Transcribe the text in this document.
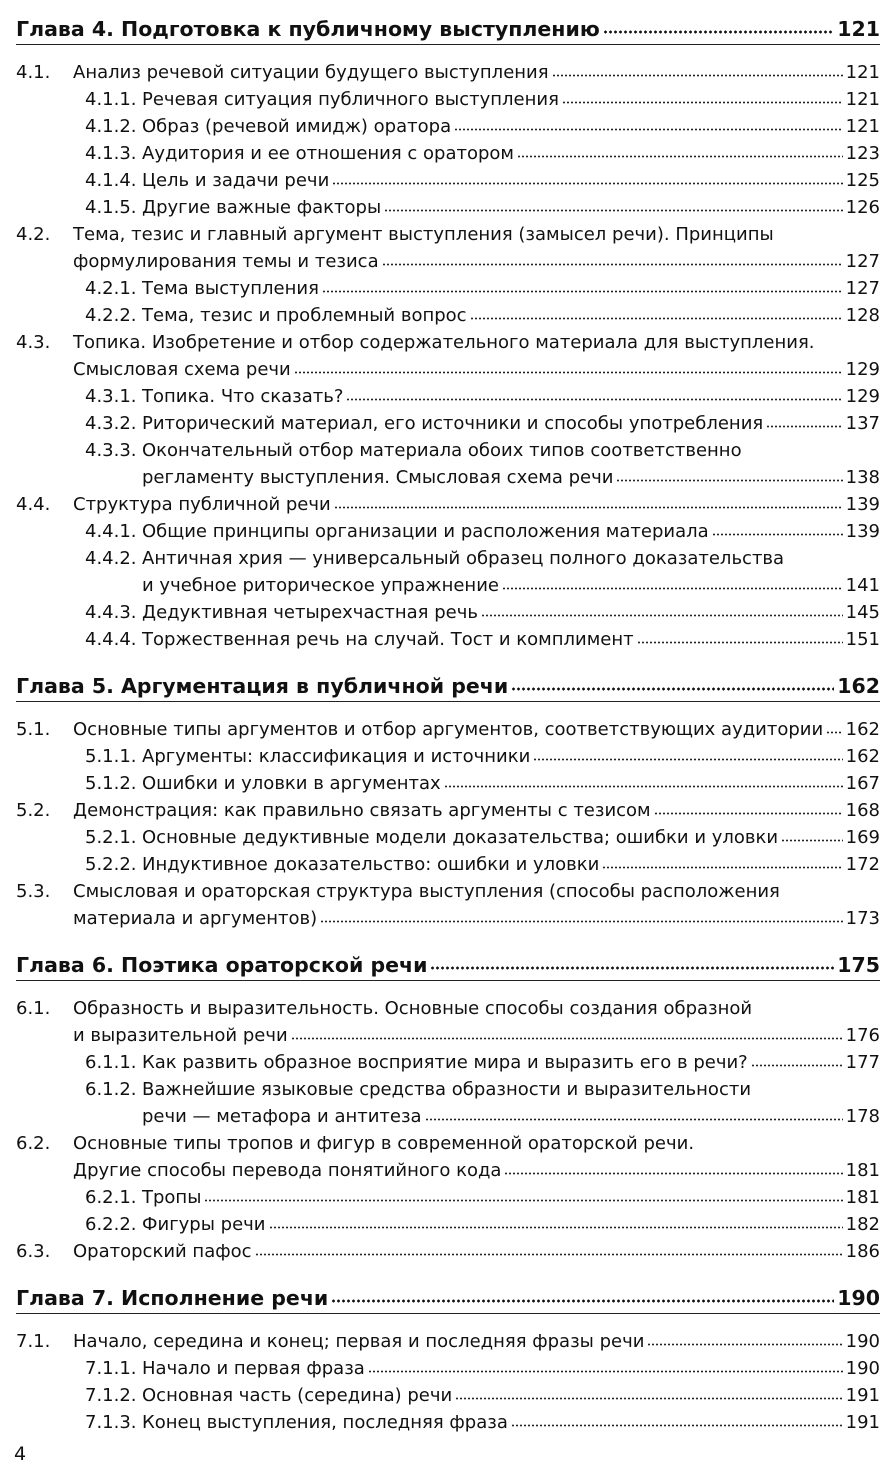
Глава 4. Подготовка к публичному выступлению	121
4.1.	Анализ речевой ситуации будущего выступления	121
4.1.1. Речевая ситуация публичного выступления	121
4.1.2. Образ (речевой имидж) оратора	121
4.1.3. Аудитория и ее отношения с оратором	123
4.1.4. Цель и задачи речи	125
4.1.5. Другие важные факторы	126
4.2.	Тема, тезис и главный аргумент выступления (замысел речи). Принципы
формулирования темы и тезиса	127
4.2.1. Тема выступления	127
4.2.2. Тема, тезис и проблемный вопрос	128
4.3.	Топика. Изобретение и отбор содержательного материала для выступления.
Смысловая схема речи	129
4.3.1. Топика. Что сказать?	129
4.3.2. Риторический материал, его источники и способы употребления	137
4.3.3. Окончательный отбор материала обоих типов соответственно
регламенту выступления. Смысловая схема речи	138
4.4.	Структура публичной речи	139
4.4.1. Общие принципы организации и расположения материала	139
4.4.2. Античная хрия — универсальный образец полного доказательства
и учебное риторическое упражнение	141
4.4.3. Дедуктивная четырехчастная речь	145
4.4.4. Торжественная речь на случай. Тост и комплимент	151
Глава 5. Аргументация в публичной речи	162
5.1.	Основные типы аргументов и отбор аргументов, соответствующих аудитории 162
5.1.1. Аргументы: классификация и источники	162
5.1.2. Ошибки и уловки в аргументах	167
5.2.	Демонстрация: как правильно связать аргументы с тезисом	168
5.2.1. Основные дедуктивные модели доказательства; ошибки и уловки	169
5.2.2. Индуктивное доказательство: ошибки и уловки	172
5.3.	Смысловая и ораторская структура выступления (способы расположения
материала и аргументов)	173
Глава 6. Поэтика ораторской речи	175
6.1.	Образность и выразительность. Основные способы создания образной
и выразительной речи	176
6.1.1. Как развить образное восприятие мира и выразить его в речи?	177
6.1.2. Важнейшие языковые средства образности и выразительности
речи — метафора и антитеза	178
6.2.	Основные типы тропов и фигур в современной ораторской речи.
Другие способы перевода понятийного кода	181
6.2.1. Тропы	181
6.2.2. Фигуры речи	182
6.3.	Ораторский пафос	186
Глава 7. Исполнение речи	190
7.1.	Начало, середина и конец; первая и последняя фразы речи	190
7.1.1. Начало и первая фраза	190
7.1.2. Основная часть (середина) речи	191
7.1.3. Конец выступления, последняя фраза	191
4
